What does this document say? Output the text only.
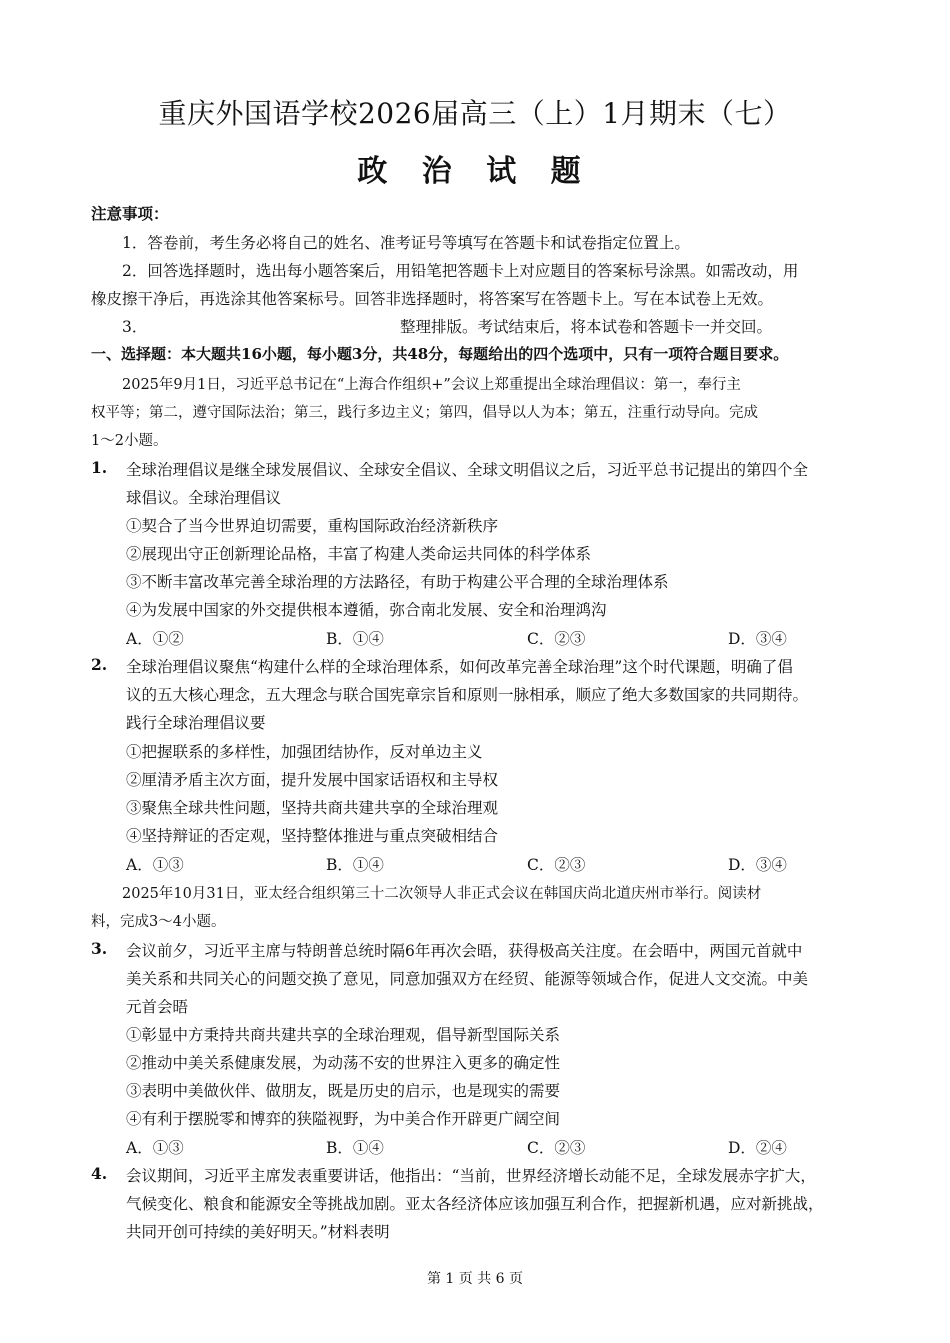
重庆外国语学校2026届高三（上）1月期末（七）
政 治 试 题
注意事项：
1．答卷前，考生务必将自己的姓名、准考证号等填写在答题卡和试卷指定位置上。
2．回答选择题时，选出每小题答案后，用铅笔把答题卡上对应题目的答案标号涂黑。如需改动，用
橡皮擦干净后，再选涂其他答案标号。回答非选择题时，将答案写在答题卡上。写在本试卷上无效。
3．	整理排版。考试结束后，将本试卷和答题卡一并交回。
一、选择题：本大题共16小题，每小题3分，共48分，每题给出的四个选项中，只有一项符合题目要求。
2025年9月1日，习近平总书记在“上海合作组织+”会议上郑重提出全球治理倡议：第一，奉行主
权平等；第二，遵守国际法治；第三，践行多边主义；第四，倡导以人为本；第五，注重行动导向。完成
1～2小题。
1. 全球治理倡议是继全球发展倡议、全球安全倡议、全球文明倡议之后，习近平总书记提出的第四个全
球倡议。全球治理倡议
①契合了当今世界迫切需要，重构国际政治经济新秩序
②展现出守正创新理论品格，丰富了构建人类命运共同体的科学体系
③不断丰富改革完善全球治理的方法路径，有助于构建公平合理的全球治理体系
④为发展中国家的外交提供根本遵循，弥合南北发展、安全和治理鸿沟
A．①②	B．①④	C．②③	D．③④
2. 全球治理倡议聚焦“构建什么样的全球治理体系，如何改革完善全球治理”这个时代课题，明确了倡
议的五大核心理念，五大理念与联合国宪章宗旨和原则一脉相承，顺应了绝大多数国家的共同期待。
践行全球治理倡议要
①把握联系的多样性，加强团结协作，反对单边主义
②厘清矛盾主次方面，提升发展中国家话语权和主导权
③聚焦全球共性问题，坚持共商共建共享的全球治理观
④坚持辩证的否定观，坚持整体推进与重点突破相结合
A．①③	B．①④	C．②③	D．③④
2025年10月31日，亚太经合组织第三十二次领导人非正式会议在韩国庆尚北道庆州市举行。阅读材
料，完成3～4小题。
3. 会议前夕，习近平主席与特朗普总统时隔6年再次会晤，获得极高关注度。在会晤中，两国元首就中
美关系和共同关心的问题交换了意见，同意加强双方在经贸、能源等领域合作，促进人文交流。中美
元首会晤
①彰显中方秉持共商共建共享的全球治理观，倡导新型国际关系
②推动中美关系健康发展，为动荡不安的世界注入更多的确定性
③表明中美做伙伴、做朋友，既是历史的启示，也是现实的需要
④有利于摆脱零和博弈的狭隘视野，为中美合作开辟更广阔空间
A．①③	B．①④	C．②③	D．②④
4. 会议期间，习近平主席发表重要讲话，他指出：“当前，世界经济增长动能不足，全球发展赤字扩大，
气候变化、粮食和能源安全等挑战加剧。亚太各经济体应该加强互利合作，把握新机遇，应对新挑战，
共同开创可持续的美好明天。”材料表明
第 1 页 共 6 页
